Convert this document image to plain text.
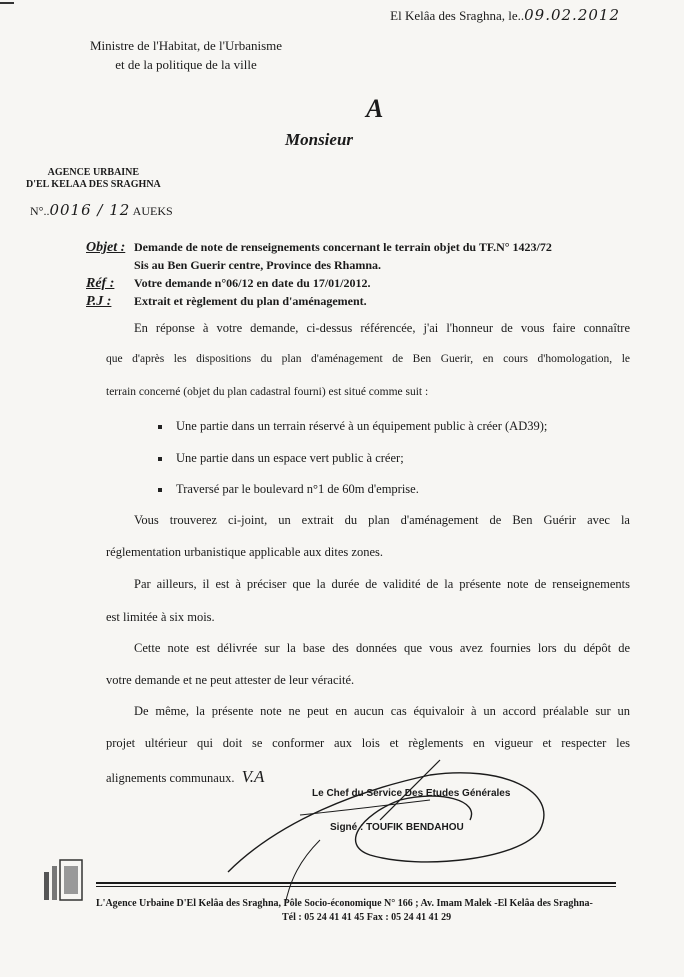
El Kelâa des Sraghna, le..09.02.2012
Ministre de l'Habitat, de l'Urbanisme
et de la politique de la ville
A
Monsieur
AGENCE URBAINE
D'EL KELAA DES SRAGHNA
N°..0016 / 12 AUEKS
Objet : Demande de note de renseignements concernant le terrain objet du TF.N° 1423/72
Sis au Ben Guerir centre, Province des Rhamna.
Réf : Votre demande n°06/12 en date du 17/01/2012.
P.J : Extrait et règlement du plan d'aménagement.
En réponse à votre demande, ci-dessus référencée, j'ai l'honneur de vous faire connaître
que d'après les dispositions du plan d'aménagement de Ben Guerir, en cours d'homologation, le
terrain concerné (objet du plan cadastral fourni) est situé comme suit :
Une partie dans un terrain réservé à un équipement public à créer (AD39);
Une partie dans un espace vert public à créer;
Traversé par le boulevard n°1 de 60m d'emprise.
Vous trouverez ci-joint, un extrait du plan d'aménagement de Ben Guérir avec la
réglementation urbanistique applicable aux dites zones.
Par ailleurs, il est à préciser que la durée de validité de la présente note de renseignements
est limitée à six mois.
Cette note est délivrée sur la base des données que vous avez fournies lors du dépôt de
votre demande et ne peut attester de leur véracité.
De même, la présente note ne peut en aucun cas équivaloir à un accord préalable sur un
projet ultérieur qui doit se conformer aux lois et règlements en vigueur et respecter les
alignements communaux. V.A
Le Chef du Service Des Etudes Générales
Signé : TOUFIK BENDAHOU
L'Agence Urbaine D'El Kelâa des Sraghna, Pôle Socio-économique N° 166 ; Av. Imam Malek -El Kelâa des Sraghna-
Tél : 05 24 41 41 45 Fax : 05 24 41 41 29
